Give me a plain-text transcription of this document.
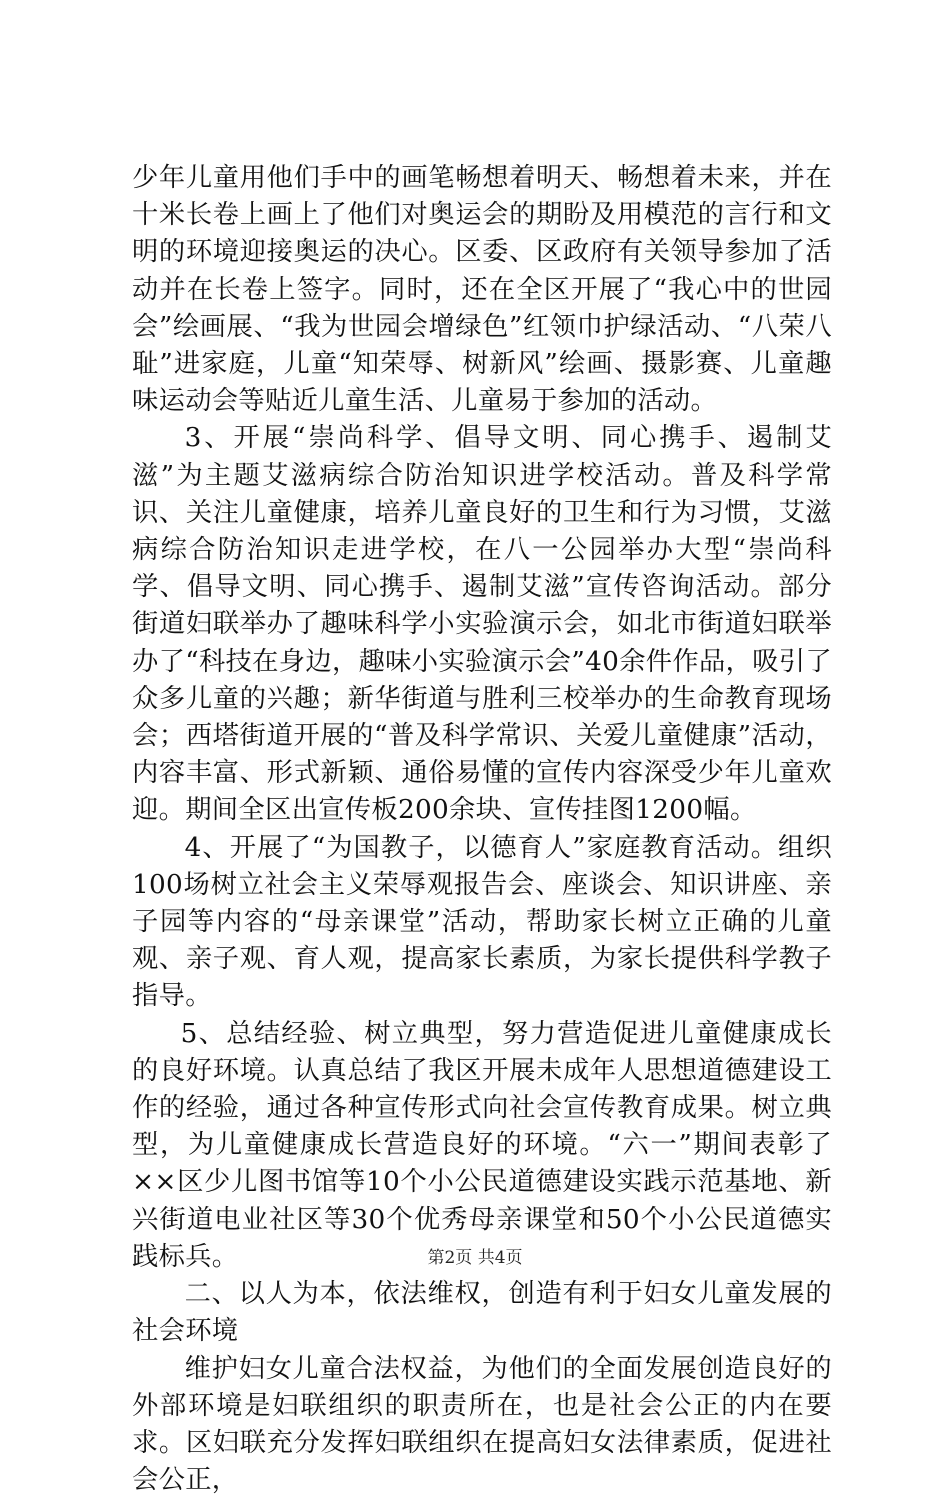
少年儿童用他们手中的画笔畅想着明天、畅想着未来，并在十米长卷上画上了他们对奥运会的期盼及用模范的言行和文明的环境迎接奥运的决心。区委、区政府有关领导参加了活动并在长卷上签字。同时，还在全区开展了“我心中的世园会”绘画展、“我为世园会增绿色”红领巾护绿活动、“八荣八耻”进家庭，儿童“知荣辱、树新风”绘画、摄影赛、儿童趣味运动会等贴近儿童生活、儿童易于参加的活动。

3、开展“崇尚科学、倡导文明、同心携手、遏制艾滋”为主题艾滋病综合防治知识进学校活动。普及科学常识、关注儿童健康，培养儿童良好的卫生和行为习惯，艾滋病综合防治知识走进学校，在八一公园举办大型“崇尚科学、倡导文明、同心携手、遏制艾滋”宣传咨询活动。部分街道妇联举办了趣味科学小实验演示会，如北市街道妇联举办了“科技在身边，趣味小实验演示会”40余件作品，吸引了众多儿童的兴趣；新华街道与胜利三校举办的生命教育现场会；西塔街道开展的“普及科学常识、关爱儿童健康”活动，内容丰富、形式新颖、通俗易懂的宣传内容深受少年儿童欢迎。期间全区出宣传板200余块、宣传挂图1200幅。

4、开展了“为国教子，以德育人”家庭教育活动。组织100场树立社会主义荣辱观报告会、座谈会、知识讲座、亲子园等内容的“母亲课堂”活动，帮助家长树立正确的儿童观、亲子观、育人观，提高家长素质，为家长提供科学教子指导。

5、总结经验、树立典型，努力营造促进儿童健康成长的良好环境。认真总结了我区开展未成年人思想道德建设工作的经验，通过各种宣传形式向社会宣传教育成果。树立典型，为儿童健康成长营造良好的环境。“六一”期间表彰了××区少儿图书馆等10个小公民道德建设实践示范基地、新兴街道电业社区等30个优秀母亲课堂和50个小公民道德实践标兵。

二、以人为本，依法维权，创造有利于妇女儿童发展的社会环境

维护妇女儿童合法权益，为他们的全面发展创造良好的外部环境是妇联组织的职责所在，也是社会公正的内在要求。区妇联充分发挥妇联组织在提高妇女法律素质，促进社会公正，

第2页 共4页
